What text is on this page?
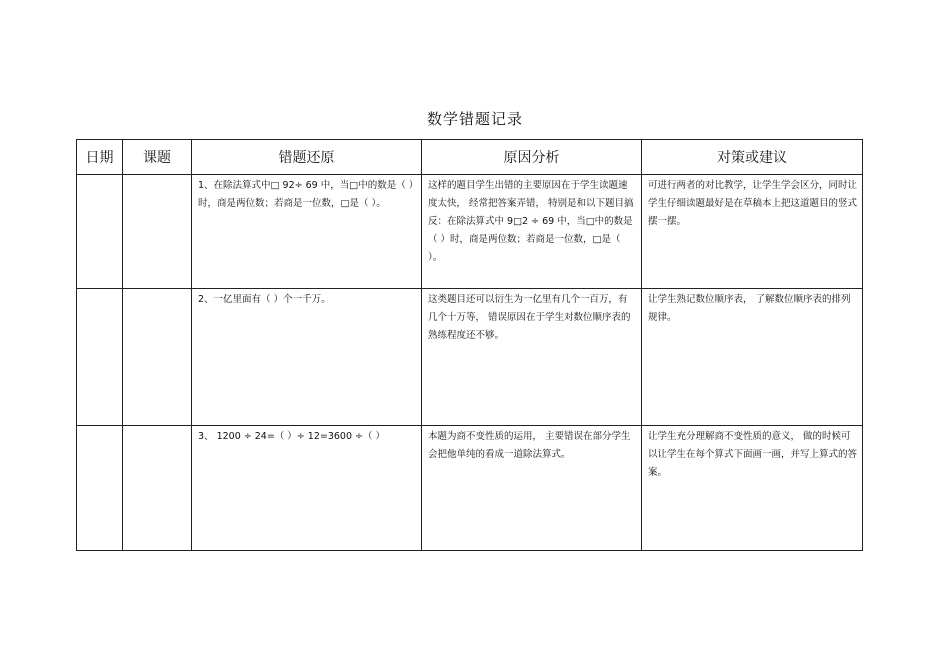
数学错题记录
日期	课题	错题还原	原因分析	对策或建议
		1、在除法算式中□ 92÷ 69 中，当□中的数是（ ）时，商是两位数；若商是一位数，□是（ ）。	这样的题目学生出错的主要原因在于学生读题速度太快， 经常把答案弄错， 特别是和以下题目搞反：在除法算式中 9□2 ÷ 69 中，当□中的数是（ ）时，商是两位数；若商是一位数，□是（ ）。	可进行两者的对比教学，让学生学会区分，同时让学生仔细读题最好是在草稿本上把这道题目的竖式摆一摆。
		2、一亿里面有（ ）个一千万。	这类题目还可以衍生为一亿里有几个一百万，有几个十万等， 错误原因在于学生对数位顺序表的熟练程度还不够。	让学生熟记数位顺序表， 了解数位顺序表的排列规律。
		3、 1200 ÷ 24=（ ）÷ 12=3600 ÷（ ）	本题为商不变性质的运用， 主要错误在部分学生会把他单纯的看成一道除法算式。	让学生充分理解商不变性质的意义， 做的时候可以让学生在每个算式下面画一画，并写上算式的答案。
